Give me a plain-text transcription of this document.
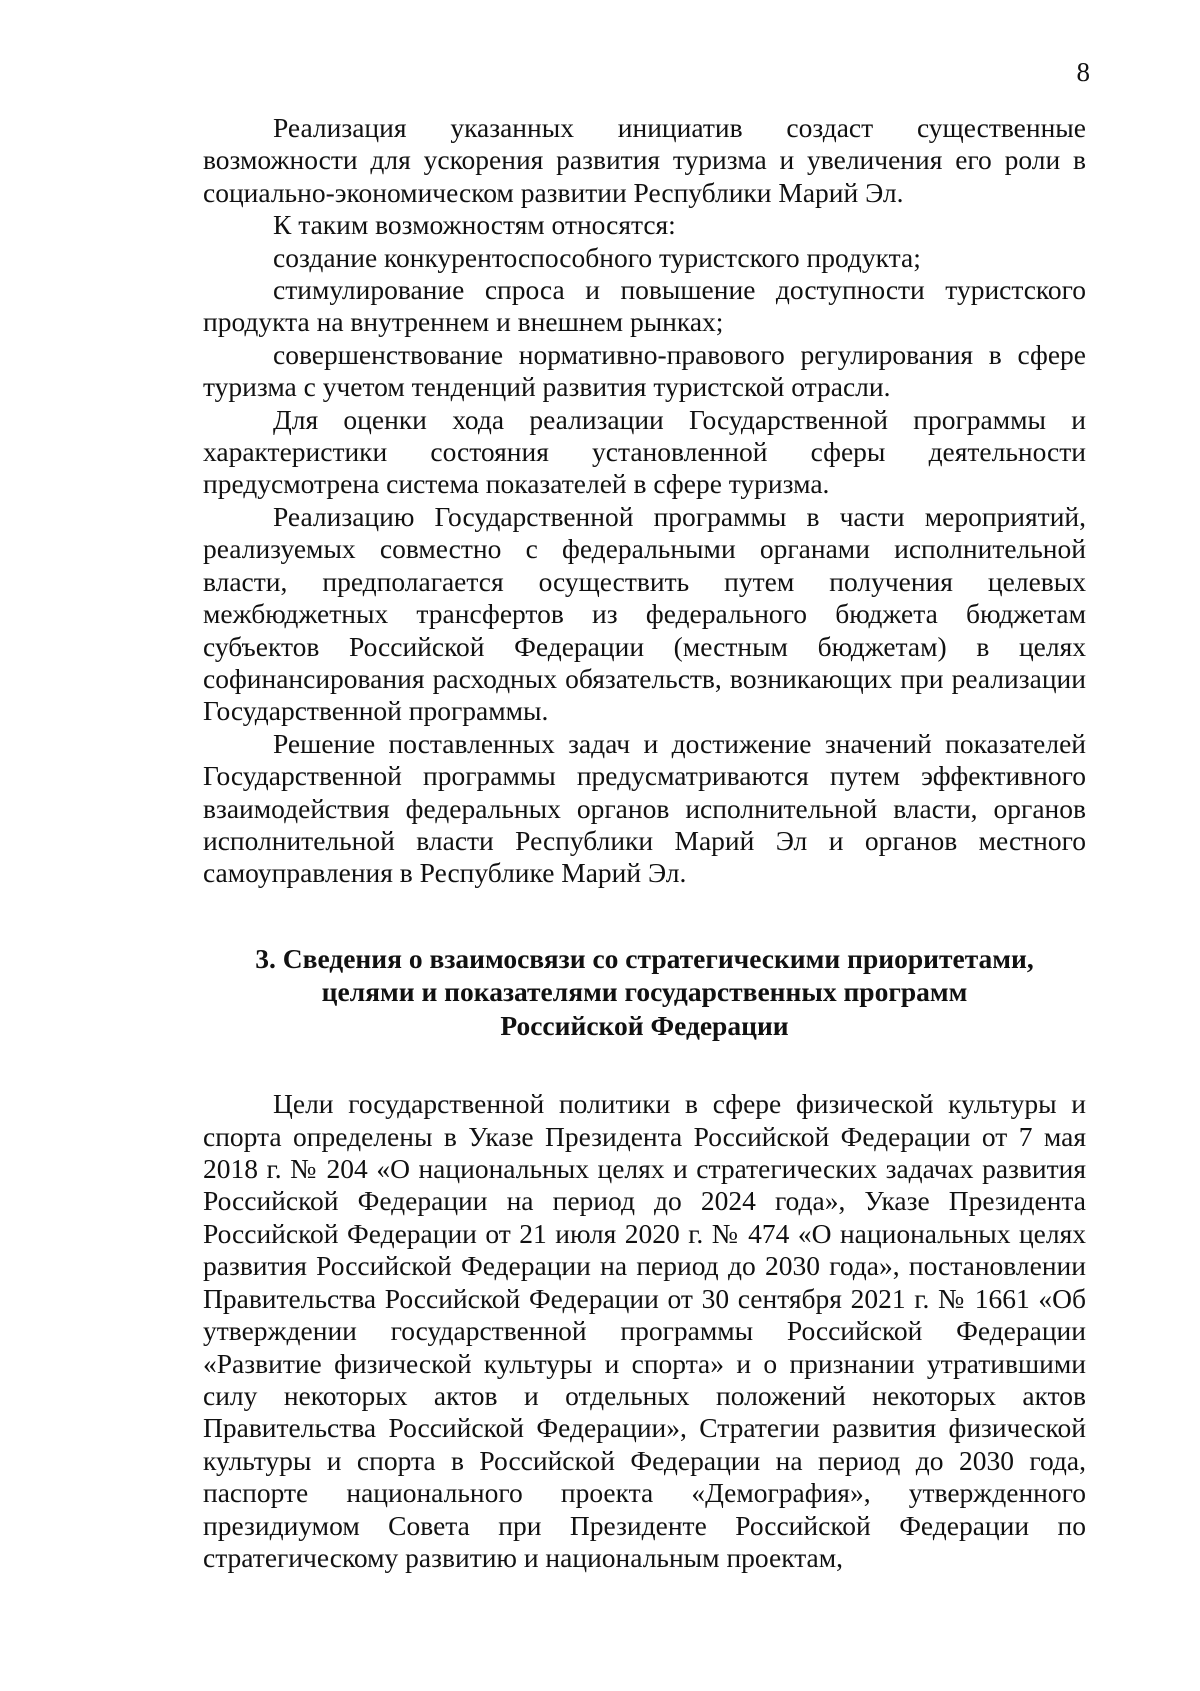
8

Реализация указанных инициатив создаст существенные возможности для ускорения развития туризма и увеличения его роли в социально-экономическом развитии Республики Марий Эл.

К таким возможностям относятся:

создание конкурентоспособного туристского продукта;

стимулирование спроса и повышение доступности туристского продукта на внутреннем и внешнем рынках;

совершенствование нормативно-правового регулирования в сфере туризма с учетом тенденций развития туристской отрасли.

Для оценки хода реализации Государственной программы и характеристики состояния установленной сферы деятельности предусмотрена система показателей в сфере туризма.

Реализацию Государственной программы в части мероприятий, реализуемых совместно с федеральными органами исполнительной власти, предполагается осуществить путем получения целевых межбюджетных трансфертов из федерального бюджета бюджетам субъектов Российской Федерации (местным бюджетам) в целях софинансирования расходных обязательств, возникающих при реализации Государственной программы.

Решение поставленных задач и достижение значений показателей Государственной программы предусматриваются путем эффективного взаимодействия федеральных органов исполнительной власти, органов исполнительной власти Республики Марий Эл и органов местного самоуправления в Республике Марий Эл.

3. Сведения о взаимосвязи со стратегическими приоритетами,
целями и показателями государственных программ
Российской Федерации

Цели государственной политики в сфере физической культуры и спорта определены в Указе Президента Российской Федерации от 7 мая 2018 г. № 204 «О национальных целях и стратегических задачах развития Российской Федерации на период до 2024 года», Указе Президента Российской Федерации от 21 июля 2020 г. № 474 «О национальных целях развития Российской Федерации на период до 2030 года», постановлении Правительства Российской Федерации от 30 сентября 2021 г. № 1661 «Об утверждении государственной программы Российской Федерации «Развитие физической культуры и спорта» и о признании утратившими силу некоторых актов и отдельных положений некоторых актов Правительства Российской Федерации», Стратегии развития физической культуры и спорта в Российской Федерации на период до 2030 года, паспорте национального проекта «Демография», утвержденного президиумом Совета при Президенте Российской Федерации по стратегическому развитию и национальным проектам,
